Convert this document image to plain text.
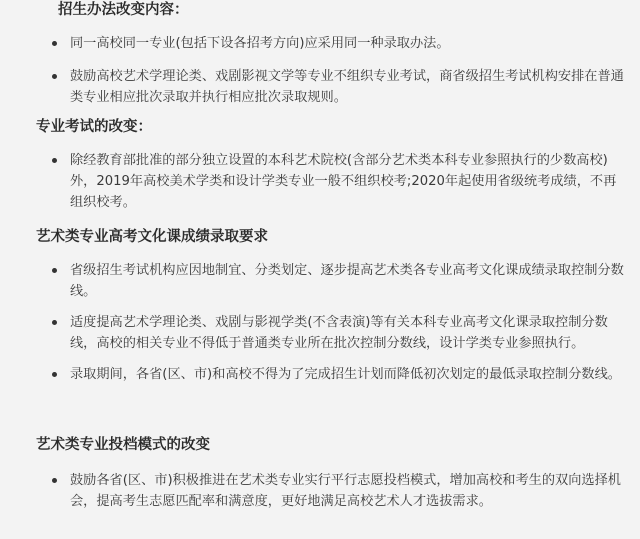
招生办法改变内容：
同一高校同一专业(包括下设各招考方向)应采用同一种录取办法。
鼓励高校艺术学理论类、戏剧影视文学等专业不组织专业考试，商省级招生考试机构安排在普通类专业相应批次录取并执行相应批次录取规则。
专业考试的改变：
除经教育部批准的部分独立设置的本科艺术院校(含部分艺术类本科专业参照执行的少数高校)外，2019年高校美术学类和设计学类专业一般不组织校考;2020年起使用省级统考成绩，不再组织校考。
艺术类专业高考文化课成绩录取要求
省级招生考试机构应因地制宜、分类划定、逐步提高艺术类各专业高考文化课成绩录取控制分数线。
适度提高艺术学理论类、戏剧与影视学类(不含表演)等有关本科专业高考文化课录取控制分数线，高校的相关专业不得低于普通类专业所在批次控制分数线，设计学类专业参照执行。
录取期间，各省(区、市)和高校不得为了完成招生计划而降低初次划定的最低录取控制分数线。
艺术类专业投档模式的改变
鼓励各省(区、市)积极推进在艺术类专业实行平行志愿投档模式，增加高校和考生的双向选择机会，提高考生志愿匹配率和满意度，更好地满足高校艺术人才选拔需求。
